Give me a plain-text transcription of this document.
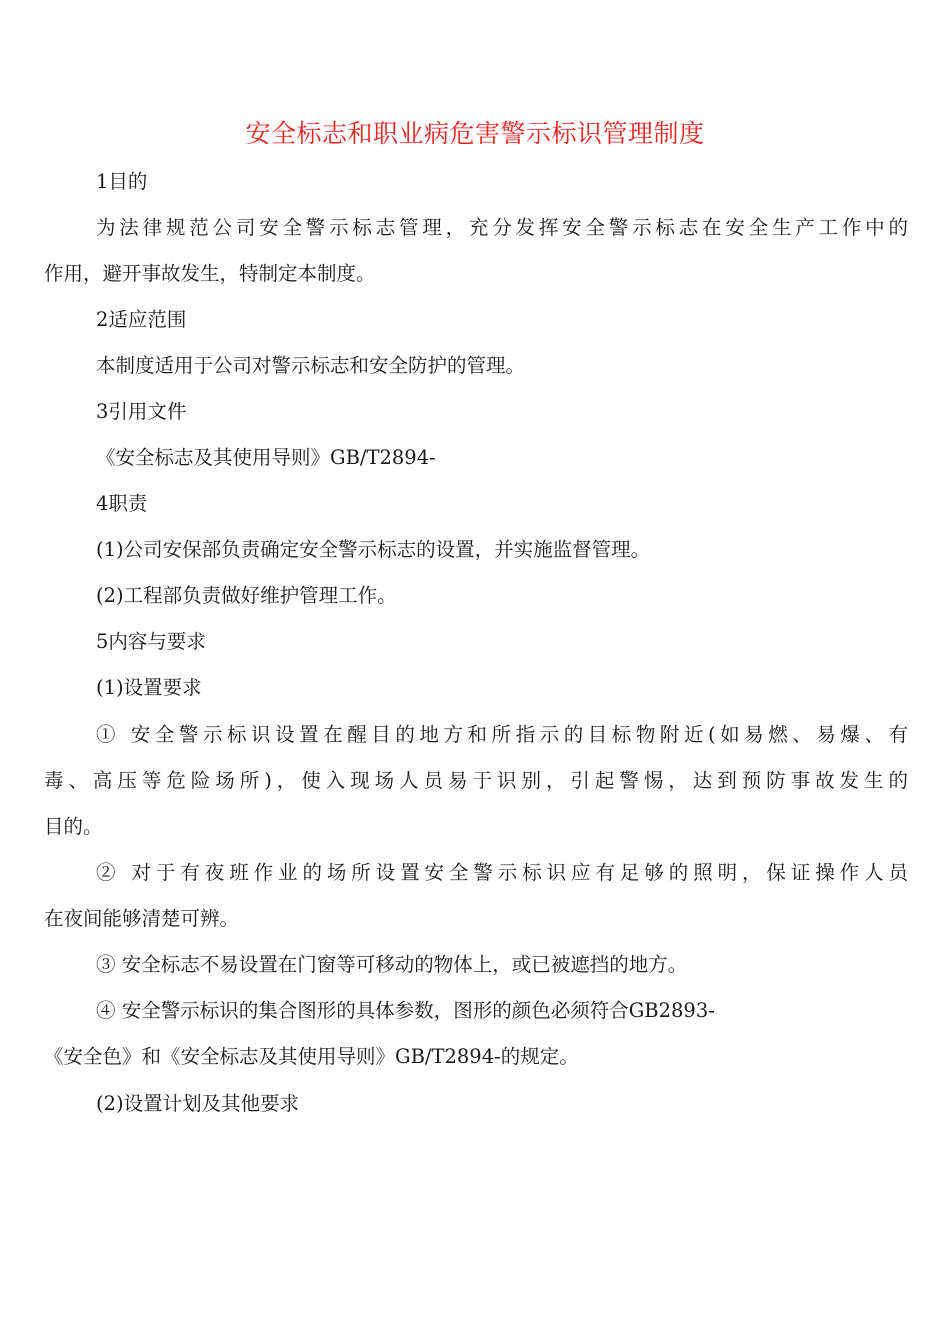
安全标志和职业病危害警示标识管理制度
1目的
为法律规范公司安全警示标志管理，充分发挥安全警示标志在安全生产工作中的
作用，避开事故发生，特制定本制度。
2适应范围
本制度适用于公司对警示标志和安全防护的管理。
3引用文件
《安全标志及其使用导则》GB/T2894-
4职责
(1)公司安保部负责确定安全警示标志的设置，并实施监督管理。
(2)工程部负责做好维护管理工作。
5内容与要求
(1)设置要求
① 安全警示标识设置在醒目的地方和所指示的目标物附近(如易燃、易爆、有
毒、高压等危险场所)，使入现场人员易于识别，引起警惕，达到预防事故发生的
目的。
② 对于有夜班作业的场所设置安全警示标识应有足够的照明，保证操作人员
在夜间能够清楚可辨。
③ 安全标志不易设置在门窗等可移动的物体上，或已被遮挡的地方。
④ 安全警示标识的集合图形的具体参数，图形的颜色必须符合GB2893-
《安全色》和《安全标志及其使用导则》GB/T2894-的规定。
(2)设置计划及其他要求
